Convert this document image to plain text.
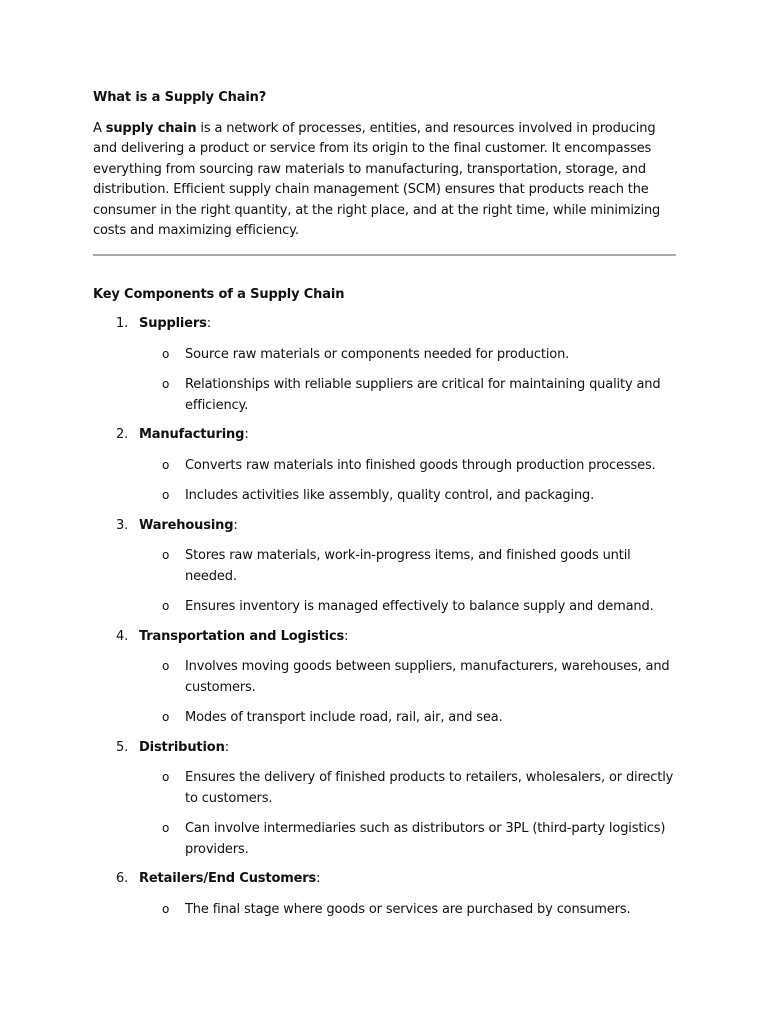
What is a Supply Chain?

A supply chain is a network of processes, entities, and resources involved in producing and delivering a product or service from its origin to the final customer. It encompasses everything from sourcing raw materials to manufacturing, transportation, storage, and distribution. Efficient supply chain management (SCM) ensures that products reach the consumer in the right quantity, at the right place, and at the right time, while minimizing costs and maximizing efficiency.

Key Components of a Supply Chain

1. Suppliers:
o Source raw materials or components needed for production.
o Relationships with reliable suppliers are critical for maintaining quality and efficiency.
2. Manufacturing:
o Converts raw materials into finished goods through production processes.
o Includes activities like assembly, quality control, and packaging.
3. Warehousing:
o Stores raw materials, work-in-progress items, and finished goods until needed.
o Ensures inventory is managed effectively to balance supply and demand.
4. Transportation and Logistics:
o Involves moving goods between suppliers, manufacturers, warehouses, and customers.
o Modes of transport include road, rail, air, and sea.
5. Distribution:
o Ensures the delivery of finished products to retailers, wholesalers, or directly to customers.
o Can involve intermediaries such as distributors or 3PL (third-party logistics) providers.
6. Retailers/End Customers:
o The final stage where goods or services are purchased by consumers.
